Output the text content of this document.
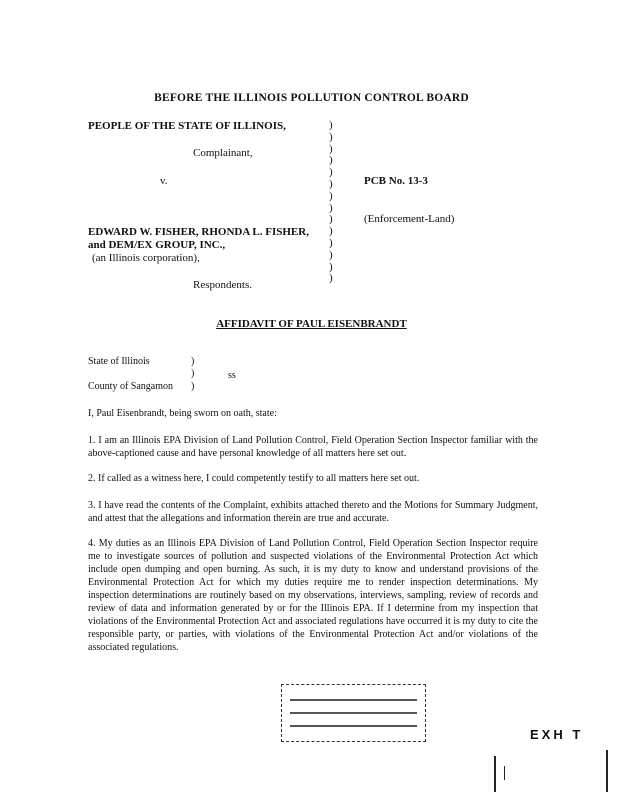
BEFORE THE ILLINOIS POLLUTION CONTROL BOARD
PEOPLE OF THE STATE OF ILLINOIS,
Complainant,
v.	PCB No. 13-3
(Enforcement-Land)
EDWARD W. FISHER, RHONDA L. FISHER,
and DEM/EX GROUP, INC.,
(an Illinois corporation),
Respondents.
)
)
)
)
)
)
)
)
)
)
)
)
)
)
AFFIDAVIT OF PAUL EISENBRANDT
State of Illinois	)
)	ss
County of Sangamon )
I, Paul Eisenbrandt, being sworn on oath, state:
1. I am an Illinois EPA Division of Land Pollution Control, Field Operation Section Inspector familiar with the above-captioned cause and have personal knowledge of all matters here set out.
2. If called as a witness here, I could competently testify to all matters here set out.
3. I have read the contents of the Complaint, exhibits attached thereto and the Motions for Summary Judgment, and attest that the allegations and information therein are true and accurate.
4. My duties as an Illinois EPA Division of Land Pollution Control, Field Operation Section Inspector require me to investigate sources of pollution and suspected violations of the Environmental Protection Act which include open dumping and open burning. As such, it is my duty to know and understand provisions of the Environmental Protection Act for which my duties require me to render inspection determinations. My inspection determinations are routinely based on my observations, interviews, sampling, review of records and review of data and information generated by or for the Illinois EPA. If I determine from my inspection that violations of the Environmental Protection Act and associated regulations have occurred it is my duty to cite the responsible party, or parties, with violations of the Environmental Protection Act and/or violations of the associated regulations.
EXH T
